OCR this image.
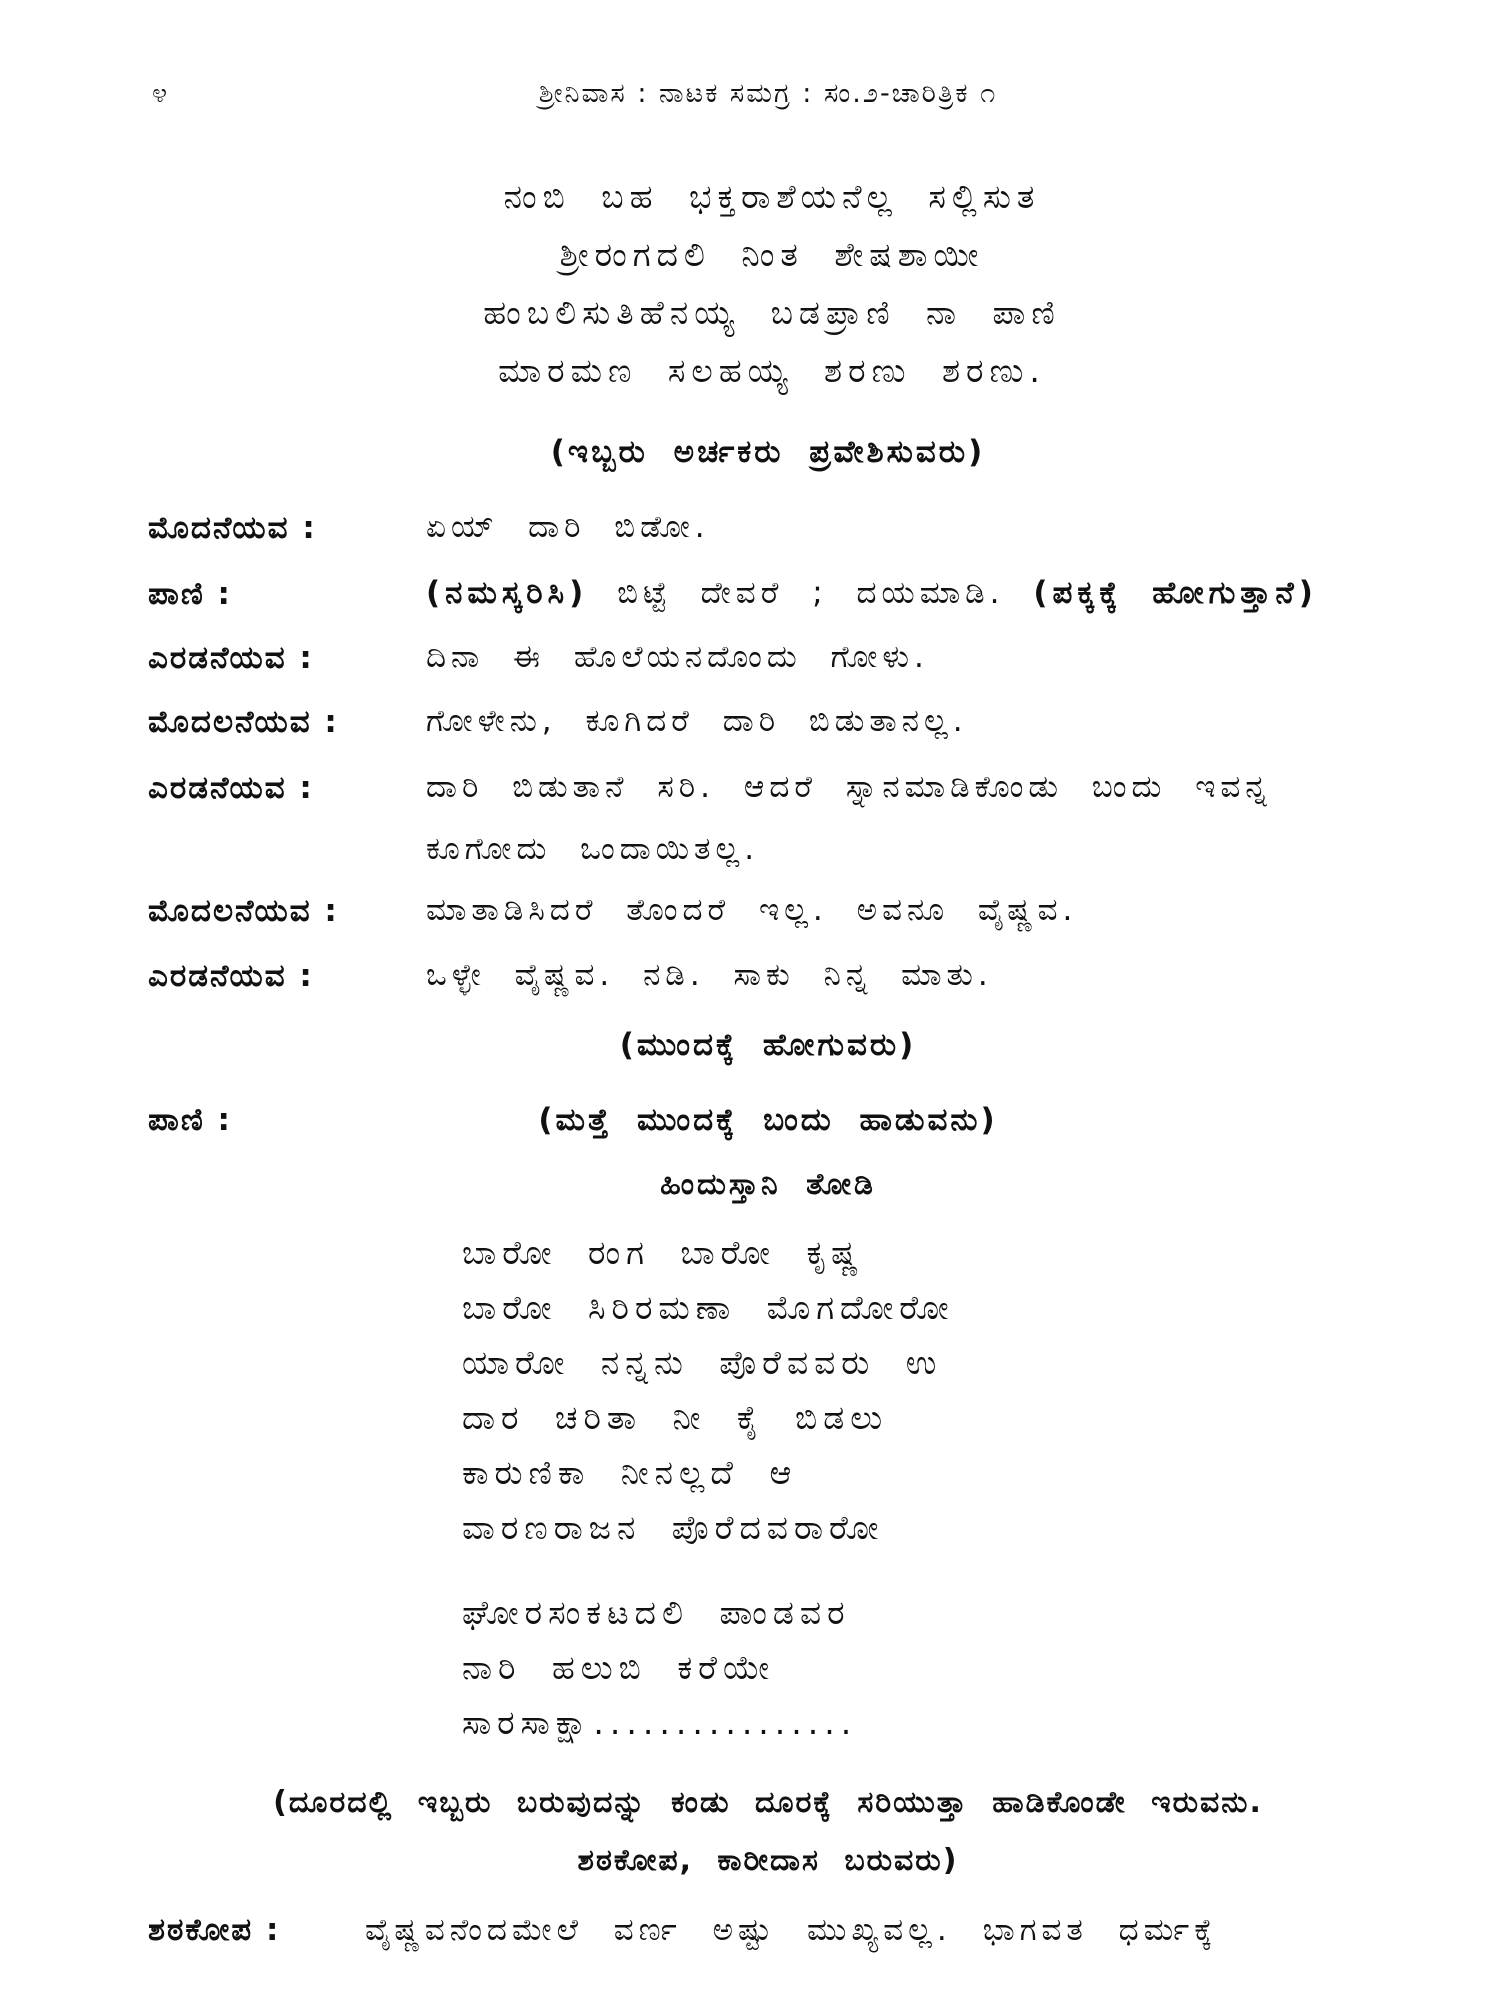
೪	ಶ್ರೀನಿವಾಸ : ನಾಟಕ ಸಮಗ್ರ : ಸಂ.೨-ಚಾರಿತ್ರಿಕ ೧
ನಂಬಿ ಬಹ ಭಕ್ತರಾಶೆಯನೆಲ್ಲ ಸಲ್ಲಿಸುತ
ಶ್ರೀರಂಗದಲಿ ನಿಂತ ಶೇಷಶಾಯೀ
ಹಂಬಲಿಸುತಿಹೆನಯ್ಯ ಬಡಪ್ರಾಣಿ ನಾ ಪಾಣಿ
ಮಾರಮಣ ಸಲಹಯ್ಯ ಶರಣು ಶರಣು.
(ಇಬ್ಬರು ಅರ್ಚಕರು ಪ್ರವೇಶಿಸುವರು)
ಮೊದನೆಯವ :	ಏಯ್ ದಾರಿ ಬಿಡೋ.
ಪಾಣಿ :	(ನಮಸ್ಕರಿಸಿ) ಬಿಟ್ಟೆ ದೇವರೆ ; ದಯಮಾಡಿ. (ಪಕ್ಕಕ್ಕೆ ಹೋಗುತ್ತಾನೆ)
ಎರಡನೆಯವ :	ದಿನಾ ಈ ಹೊಲೆಯನದೊಂದು ಗೋಳು.
ಮೊದಲನೆಯವ :	ಗೋಳೇನು, ಕೂಗಿದರೆ ದಾರಿ ಬಿಡುತಾನಲ್ಲ.
ಎರಡನೆಯವ :	ದಾರಿ ಬಿಡುತಾನೆ ಸರಿ. ಆದರೆ ಸ್ನಾನಮಾಡಿಕೊಂಡು ಬಂದು ಇವನ್ನ ಕೂಗೋದು ಒಂದಾಯಿತಲ್ಲ.
ಮೊದಲನೆಯವ :	ಮಾತಾಡಿಸಿದರೆ ತೊಂದರೆ ಇಲ್ಲ. ಅವನೂ ವೈಷ್ಣವ.
ಎರಡನೆಯವ :	ಒಳ್ಳೇ ವೈಷ್ಣವ. ನಡಿ. ಸಾಕು ನಿನ್ನ ಮಾತು.
(ಮುಂದಕ್ಕೆ ಹೋಗುವರು)
ಪಾಣಿ :	(ಮತ್ತೆ ಮುಂದಕ್ಕೆ ಬಂದು ಹಾಡುವನು)
ಹಿಂದುಸ್ತಾನಿ ತೋಡಿ
ಬಾರೋ ರಂಗ ಬಾರೋ ಕೃಷ್ಣ
ಬಾರೋ ಸಿರಿರಮಣಾ ಮೊಗದೋರೋ
ಯಾರೋ ನನ್ನನು ಪೊರೆವವರು ಉ
ದಾರ ಚರಿತಾ ನೀ ಕೈ ಬಿಡಲು
ಕಾರುಣಿಕಾ ನೀನಲ್ಲದೆ ಆ
ವಾರಣರಾಜನ ಪೊರೆದವರಾರೋ
ಘೋರಸಂಕಟದಲಿ ಪಾಂಡವರ
ನಾರಿ ಹಲುಬಿ ಕರೆಯೇ
ಸಾರಸಾಕ್ಷಾ................
(ದೂರದಲ್ಲಿ ಇಬ್ಬರು ಬರುವುದನ್ನು ಕಂಡು ದೂರಕ್ಕೆ ಸರಿಯುತ್ತಾ ಹಾಡಿಕೊಂಡೇ ಇರುವನು.
ಶಠಕೋಪ, ಕಾರೀದಾಸ ಬರುವರು)
ಶಠಕೋಪ :	ವೈಷ್ಣವನೆಂದಮೇಲೆ ವರ್ಣ ಅಷ್ಟು ಮುಖ್ಯವಲ್ಲ. ಭಾಗವತ ಧರ್ಮಕ್ಕೆ
